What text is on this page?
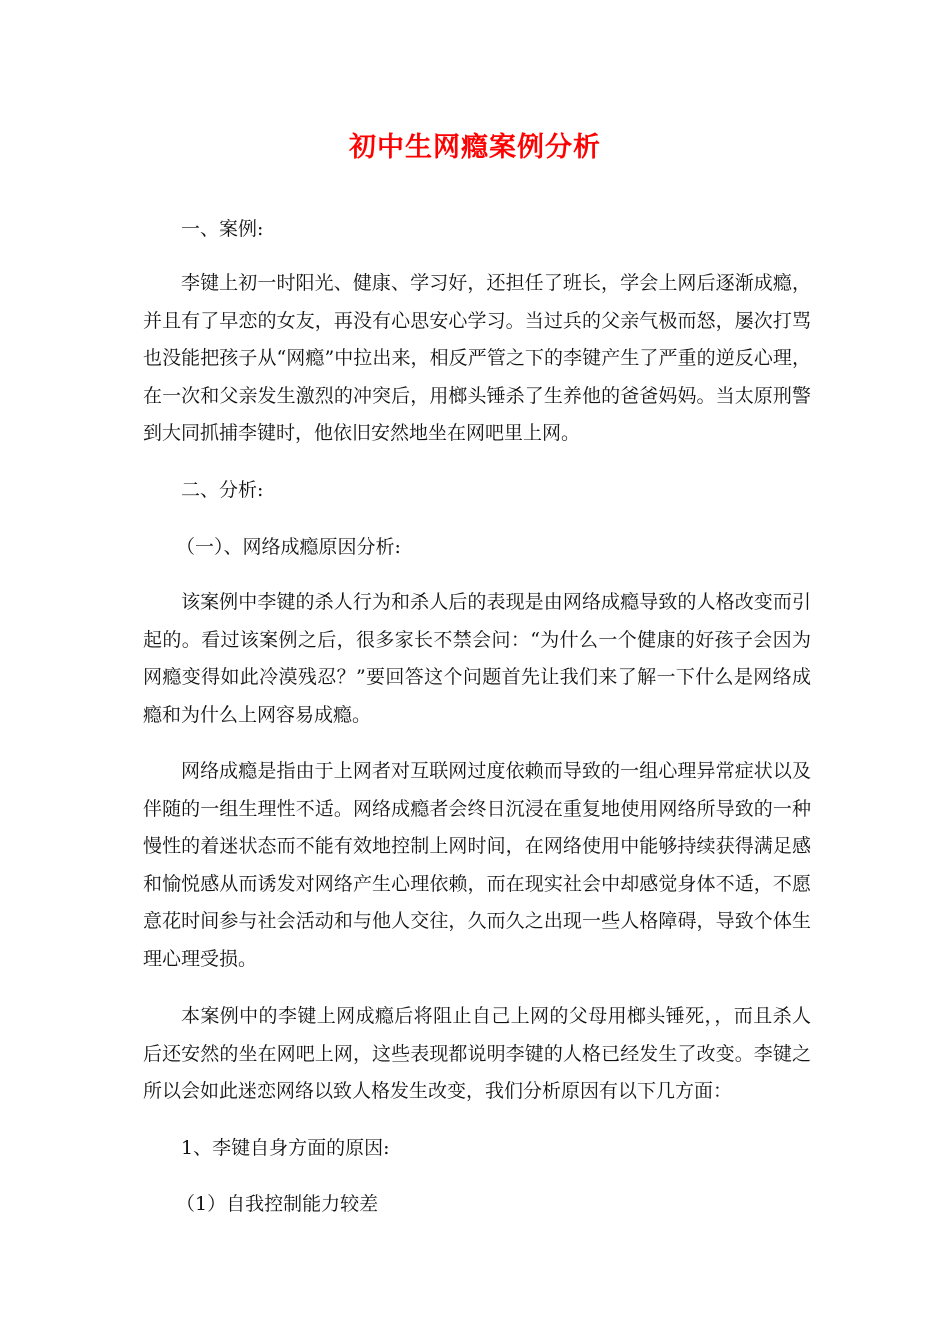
初中生网瘾案例分析

一、案例:

李键上初一时阳光、健康、学习好，还担任了班长，学会上网后逐渐成瘾，并且有了早恋的女友，再没有心思安心学习。当过兵的父亲气极而怒，屡次打骂也没能把孩子从“网瘾”中拉出来，相反严管之下的李键产生了严重的逆反心理，在一次和父亲发生激烈的冲突后，用榔头锤杀了生养他的爸爸妈妈。当太原刑警到大同抓捕李键时，他依旧安然地坐在网吧里上网。

二、分析:

（一）、网络成瘾原因分析:

该案例中李键的杀人行为和杀人后的表现是由网络成瘾导致的人格改变而引起的。看过该案例之后，很多家长不禁会问：“为什么一个健康的好孩子会因为网瘾变得如此冷漠残忍？”要回答这个问题首先让我们来了解一下什么是网络成瘾和为什么上网容易成瘾。

网络成瘾是指由于上网者对互联网过度依赖而导致的一组心理异常症状以及伴随的一组生理性不适。网络成瘾者会终日沉浸在重复地使用网络所导致的一种慢性的着迷状态而不能有效地控制上网时间，在网络使用中能够持续获得满足感和愉悦感从而诱发对网络产生心理依赖，而在现实社会中却感觉身体不适，不愿意花时间参与社会活动和与他人交往，久而久之出现一些人格障碍，导致个体生理心理受损。

本案例中的李键上网成瘾后将阻止自己上网的父母用榔头锤死，，而且杀人后还安然的坐在网吧上网，这些表现都说明李键的人格已经发生了改变。李键之所以会如此迷恋网络以致人格发生改变，我们分析原因有以下几方面：

1、李键自身方面的原因:

（1）自我控制能力较差
